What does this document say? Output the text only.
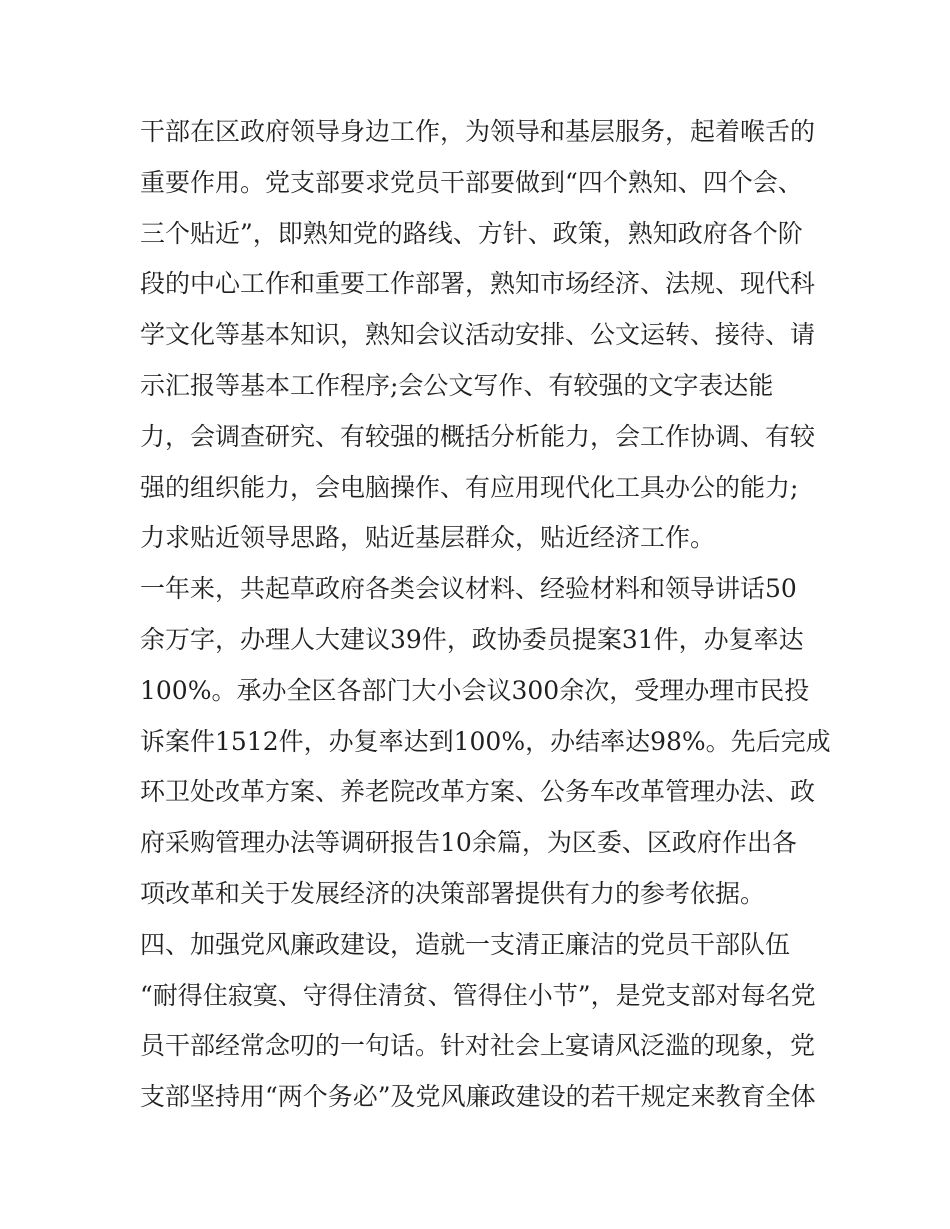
干部在区政府领导身边工作，为领导和基层服务，起着喉舌的
重要作用。党支部要求党员干部要做到“四个熟知、四个会、
三个贴近”，即熟知党的路线、方针、政策，熟知政府各个阶
段的中心工作和重要工作部署，熟知市场经济、法规、现代科
学文化等基本知识，熟知会议活动安排、公文运转、接待、请
示汇报等基本工作程序;会公文写作、有较强的文字表达能
力，会调查研究、有较强的概括分析能力，会工作协调、有较
强的组织能力，会电脑操作、有应用现代化工具办公的能力;
力求贴近领导思路，贴近基层群众，贴近经济工作。
一年来，共起草政府各类会议材料、经验材料和领导讲话50
余万字，办理人大建议39件，政协委员提案31件，办复率达
100%。承办全区各部门大小会议300余次，受理办理市民投
诉案件1512件，办复率达到100%，办结率达98%。先后完成
环卫处改革方案、养老院改革方案、公务车改革管理办法、政
府采购管理办法等调研报告10余篇，为区委、区政府作出各
项改革和关于发展经济的决策部署提供有力的参考依据。
四、加强党风廉政建设，造就一支清正廉洁的党员干部队伍
“耐得住寂寞、守得住清贫、管得住小节”，是党支部对每名党
员干部经常念叨的一句话。针对社会上宴请风泛滥的现象，党
支部坚持用“两个务必”及党风廉政建设的若干规定来教育全体
